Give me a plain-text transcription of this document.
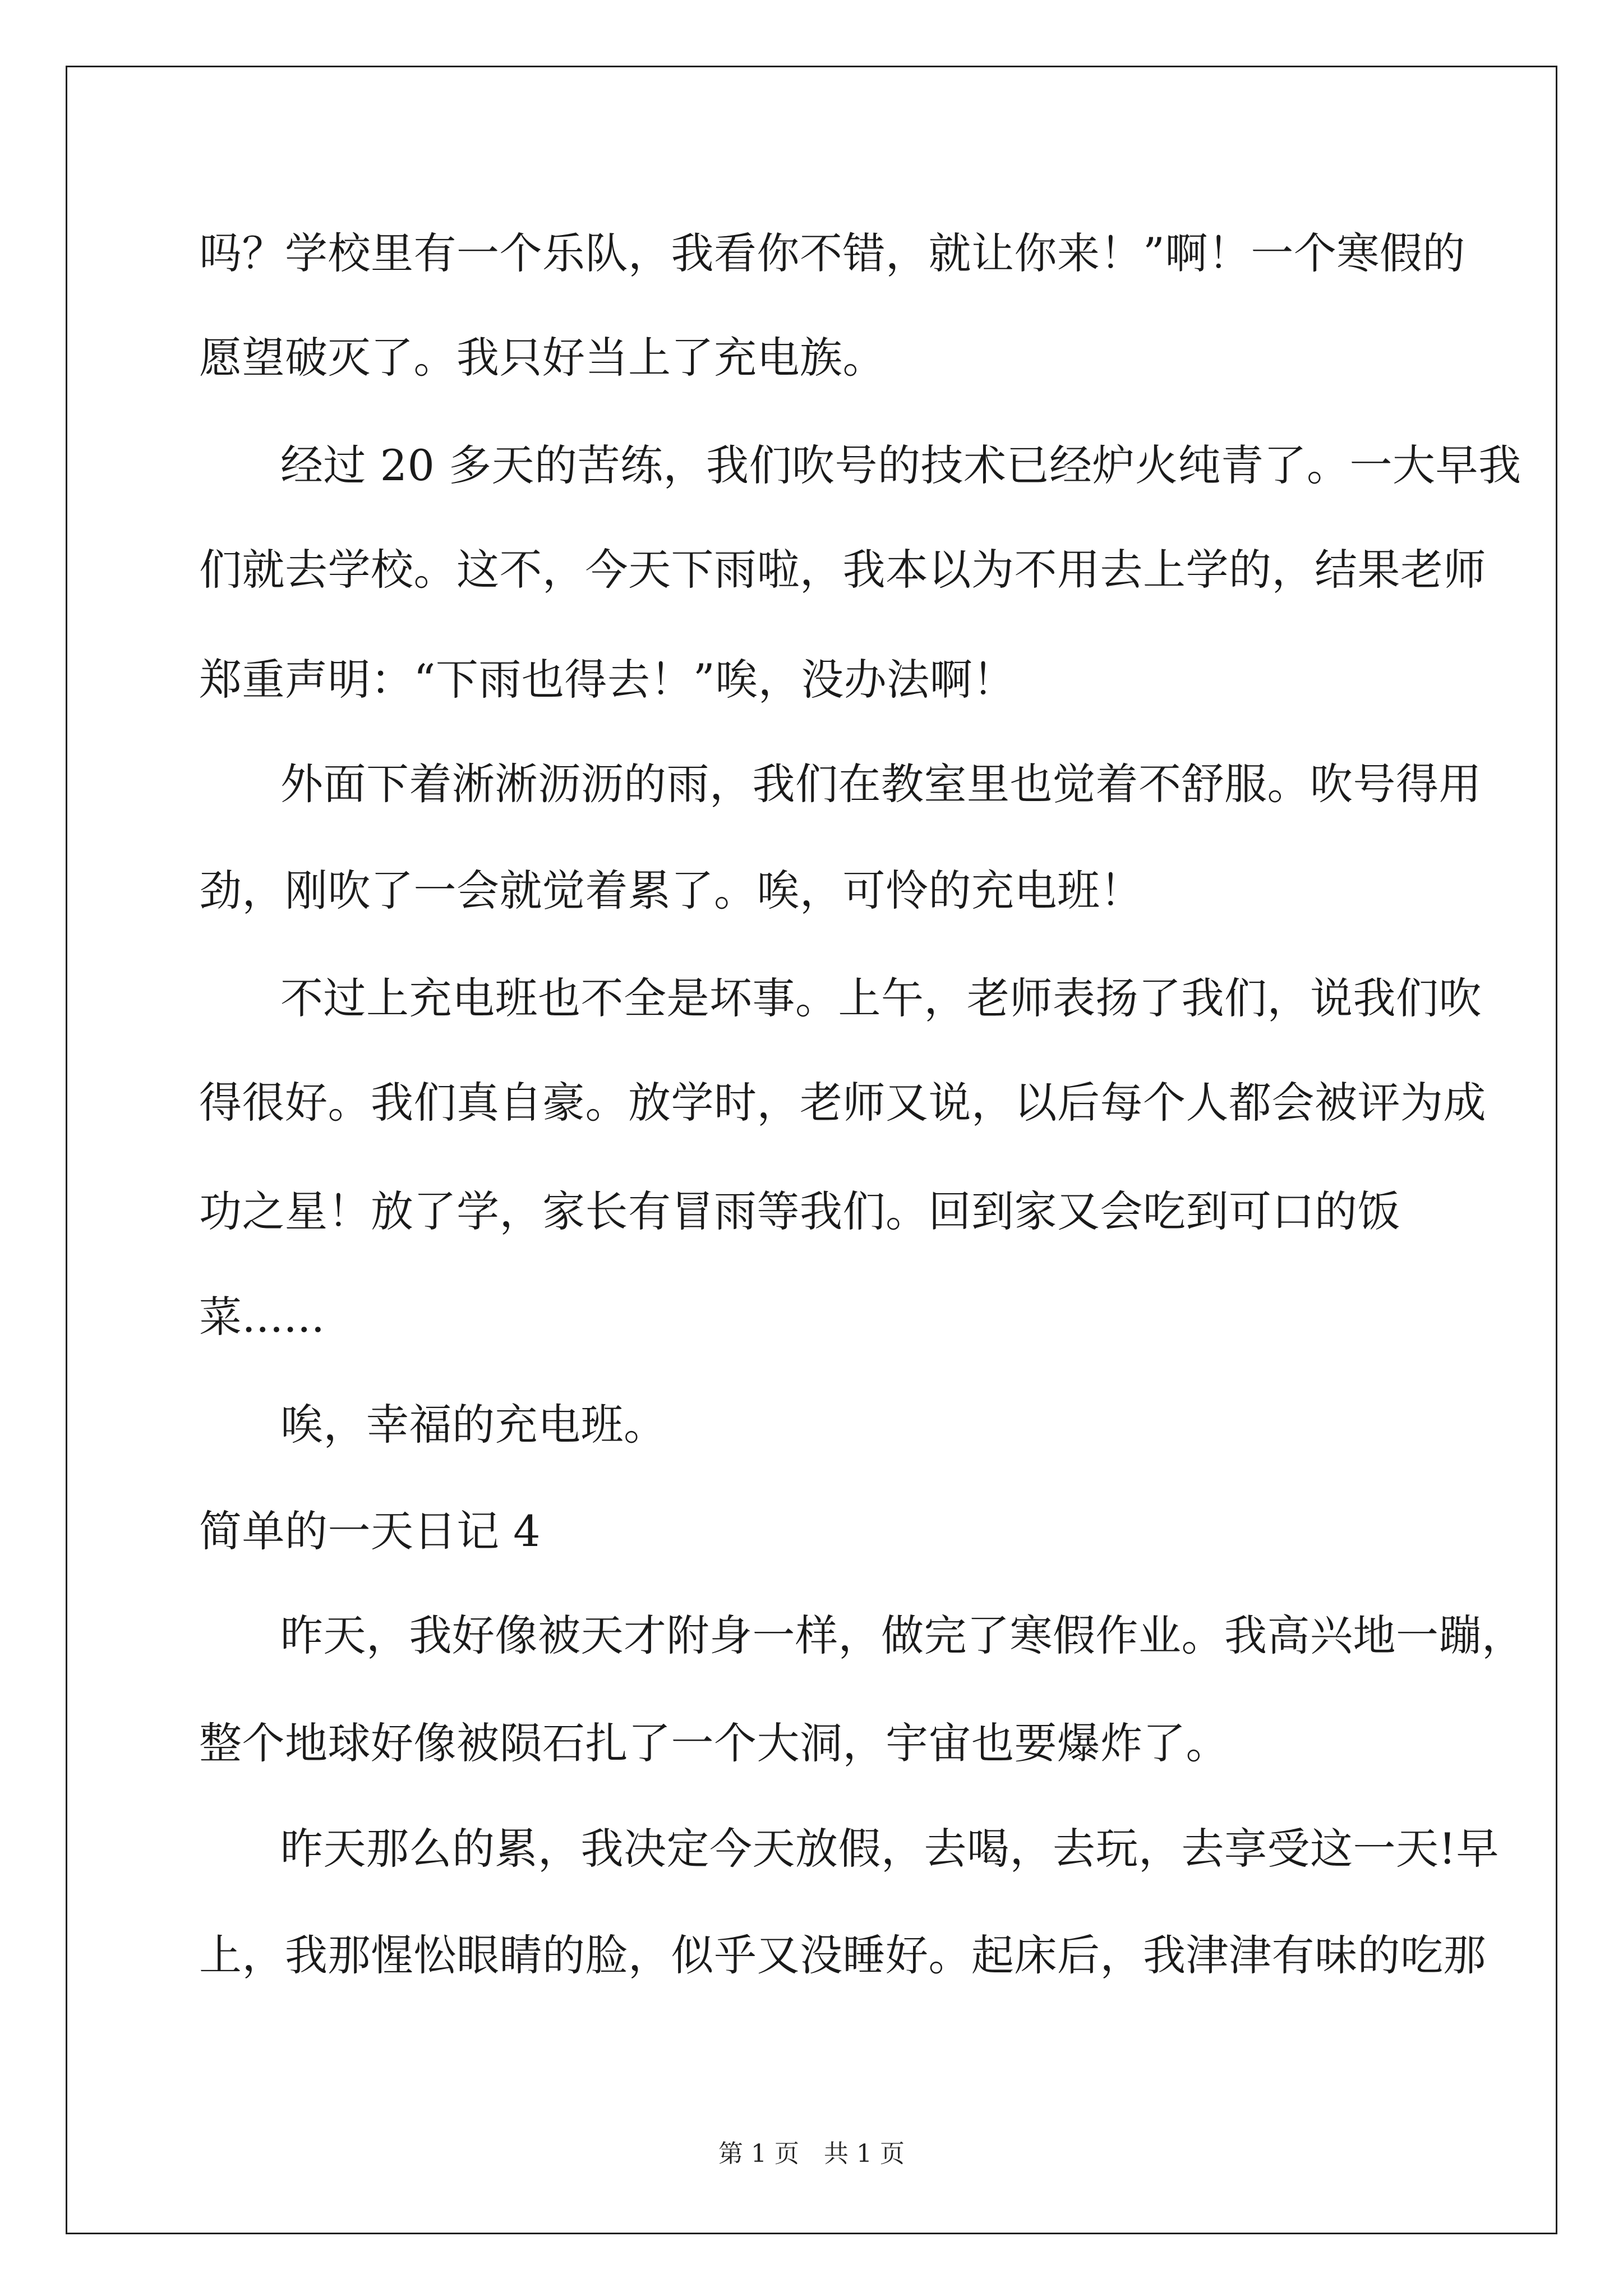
吗？学校里有一个乐队，我看你不错，就让你来！”啊！一个寒假的
愿望破灭了。我只好当上了充电族。
经过 20 多天的苦练，我们吹号的技术已经炉火纯青了。一大早我
们就去学校。这不，今天下雨啦，我本以为不用去上学的，结果老师
郑重声明：“下雨也得去！”唉，没办法啊！
外面下着淅淅沥沥的雨，我们在教室里也觉着不舒服。吹号得用
劲，刚吹了一会就觉着累了。唉，可怜的充电班！
不过上充电班也不全是坏事。上午，老师表扬了我们，说我们吹
得很好。我们真自豪。放学时，老师又说，以后每个人都会被评为成
功之星！放了学，家长有冒雨等我们。回到家又会吃到可口的饭
菜......
唉，幸福的充电班。
简单的一天日记 4
昨天，我好像被天才附身一样，做完了寒假作业。我高兴地一蹦，
整个地球好像被陨石扎了一个大洞，宇宙也要爆炸了。
昨天那么的累，我决定今天放假，去喝，去玩，去享受这一天!早
上，我那惺忪眼睛的脸，似乎又没睡好。起床后，我津津有味的吃那
第 1 页 共 1 页
